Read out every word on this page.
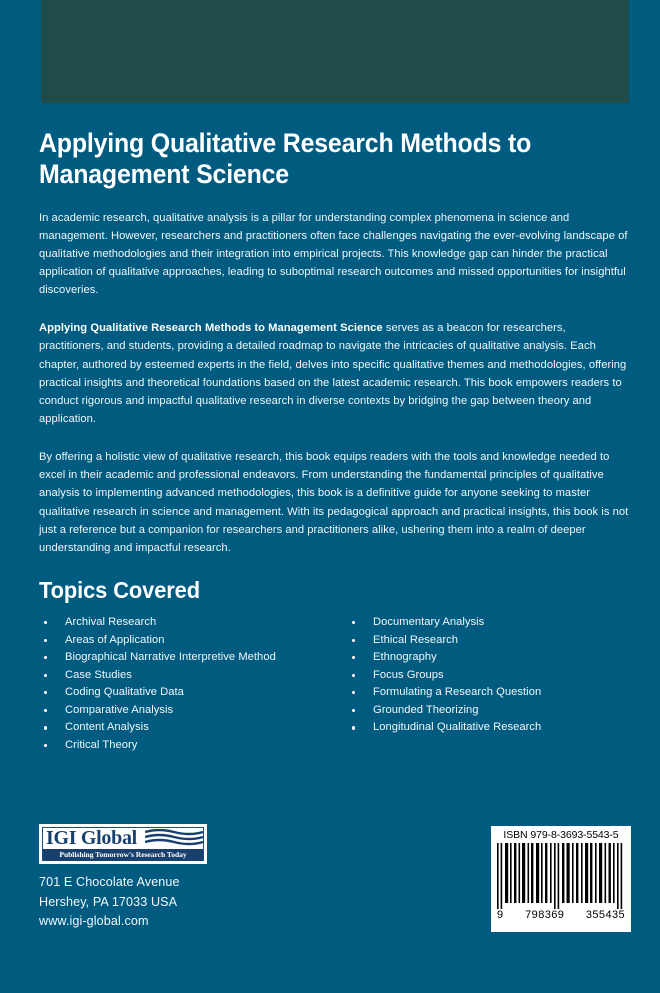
Applying Qualitative Research Methods to Management Science

In academic research, qualitative analysis is a pillar for understanding complex phenomena in science and management. However, researchers and practitioners often face challenges navigating the ever-evolving landscape of qualitative methodologies and their integration into empirical projects. This knowledge gap can hinder the practical application of qualitative approaches, leading to suboptimal research outcomes and missed opportunities for insightful discoveries.

Applying Qualitative Research Methods to Management Science serves as a beacon for researchers, practitioners, and students, providing a detailed roadmap to navigate the intricacies of qualitative analysis. Each chapter, authored by esteemed experts in the field, delves into specific qualitative themes and methodologies, offering practical insights and theoretical foundations based on the latest academic research. This book empowers readers to conduct rigorous and impactful qualitative research in diverse contexts by bridging the gap between theory and application.

By offering a holistic view of qualitative research, this book equips readers with the tools and knowledge needed to excel in their academic and professional endeavors. From understanding the fundamental principles of qualitative analysis to implementing advanced methodologies, this book is a definitive guide for anyone seeking to master qualitative research in science and management. With its pedagogical approach and practical insights, this book is not just a reference but a companion for researchers and practitioners alike, ushering them into a realm of deeper understanding and impactful research.

Topics Covered
Archival Research
Areas of Application
Biographical Narrative Interpretive Method
Case Studies
Coding Qualitative Data
Comparative Analysis
Content Analysis
Critical Theory
Documentary Analysis
Ethical Research
Ethnography
Focus Groups
Formulating a Research Question
Grounded Theorizing
Longitudinal Qualitative Research
IGI Global
Publishing Tomorrow's Research Today
701 E Chocolate Avenue
Hershey, PA 17033 USA
www.igi-global.com
ISBN 979-8-3693-5543-5
9 798369 355435
